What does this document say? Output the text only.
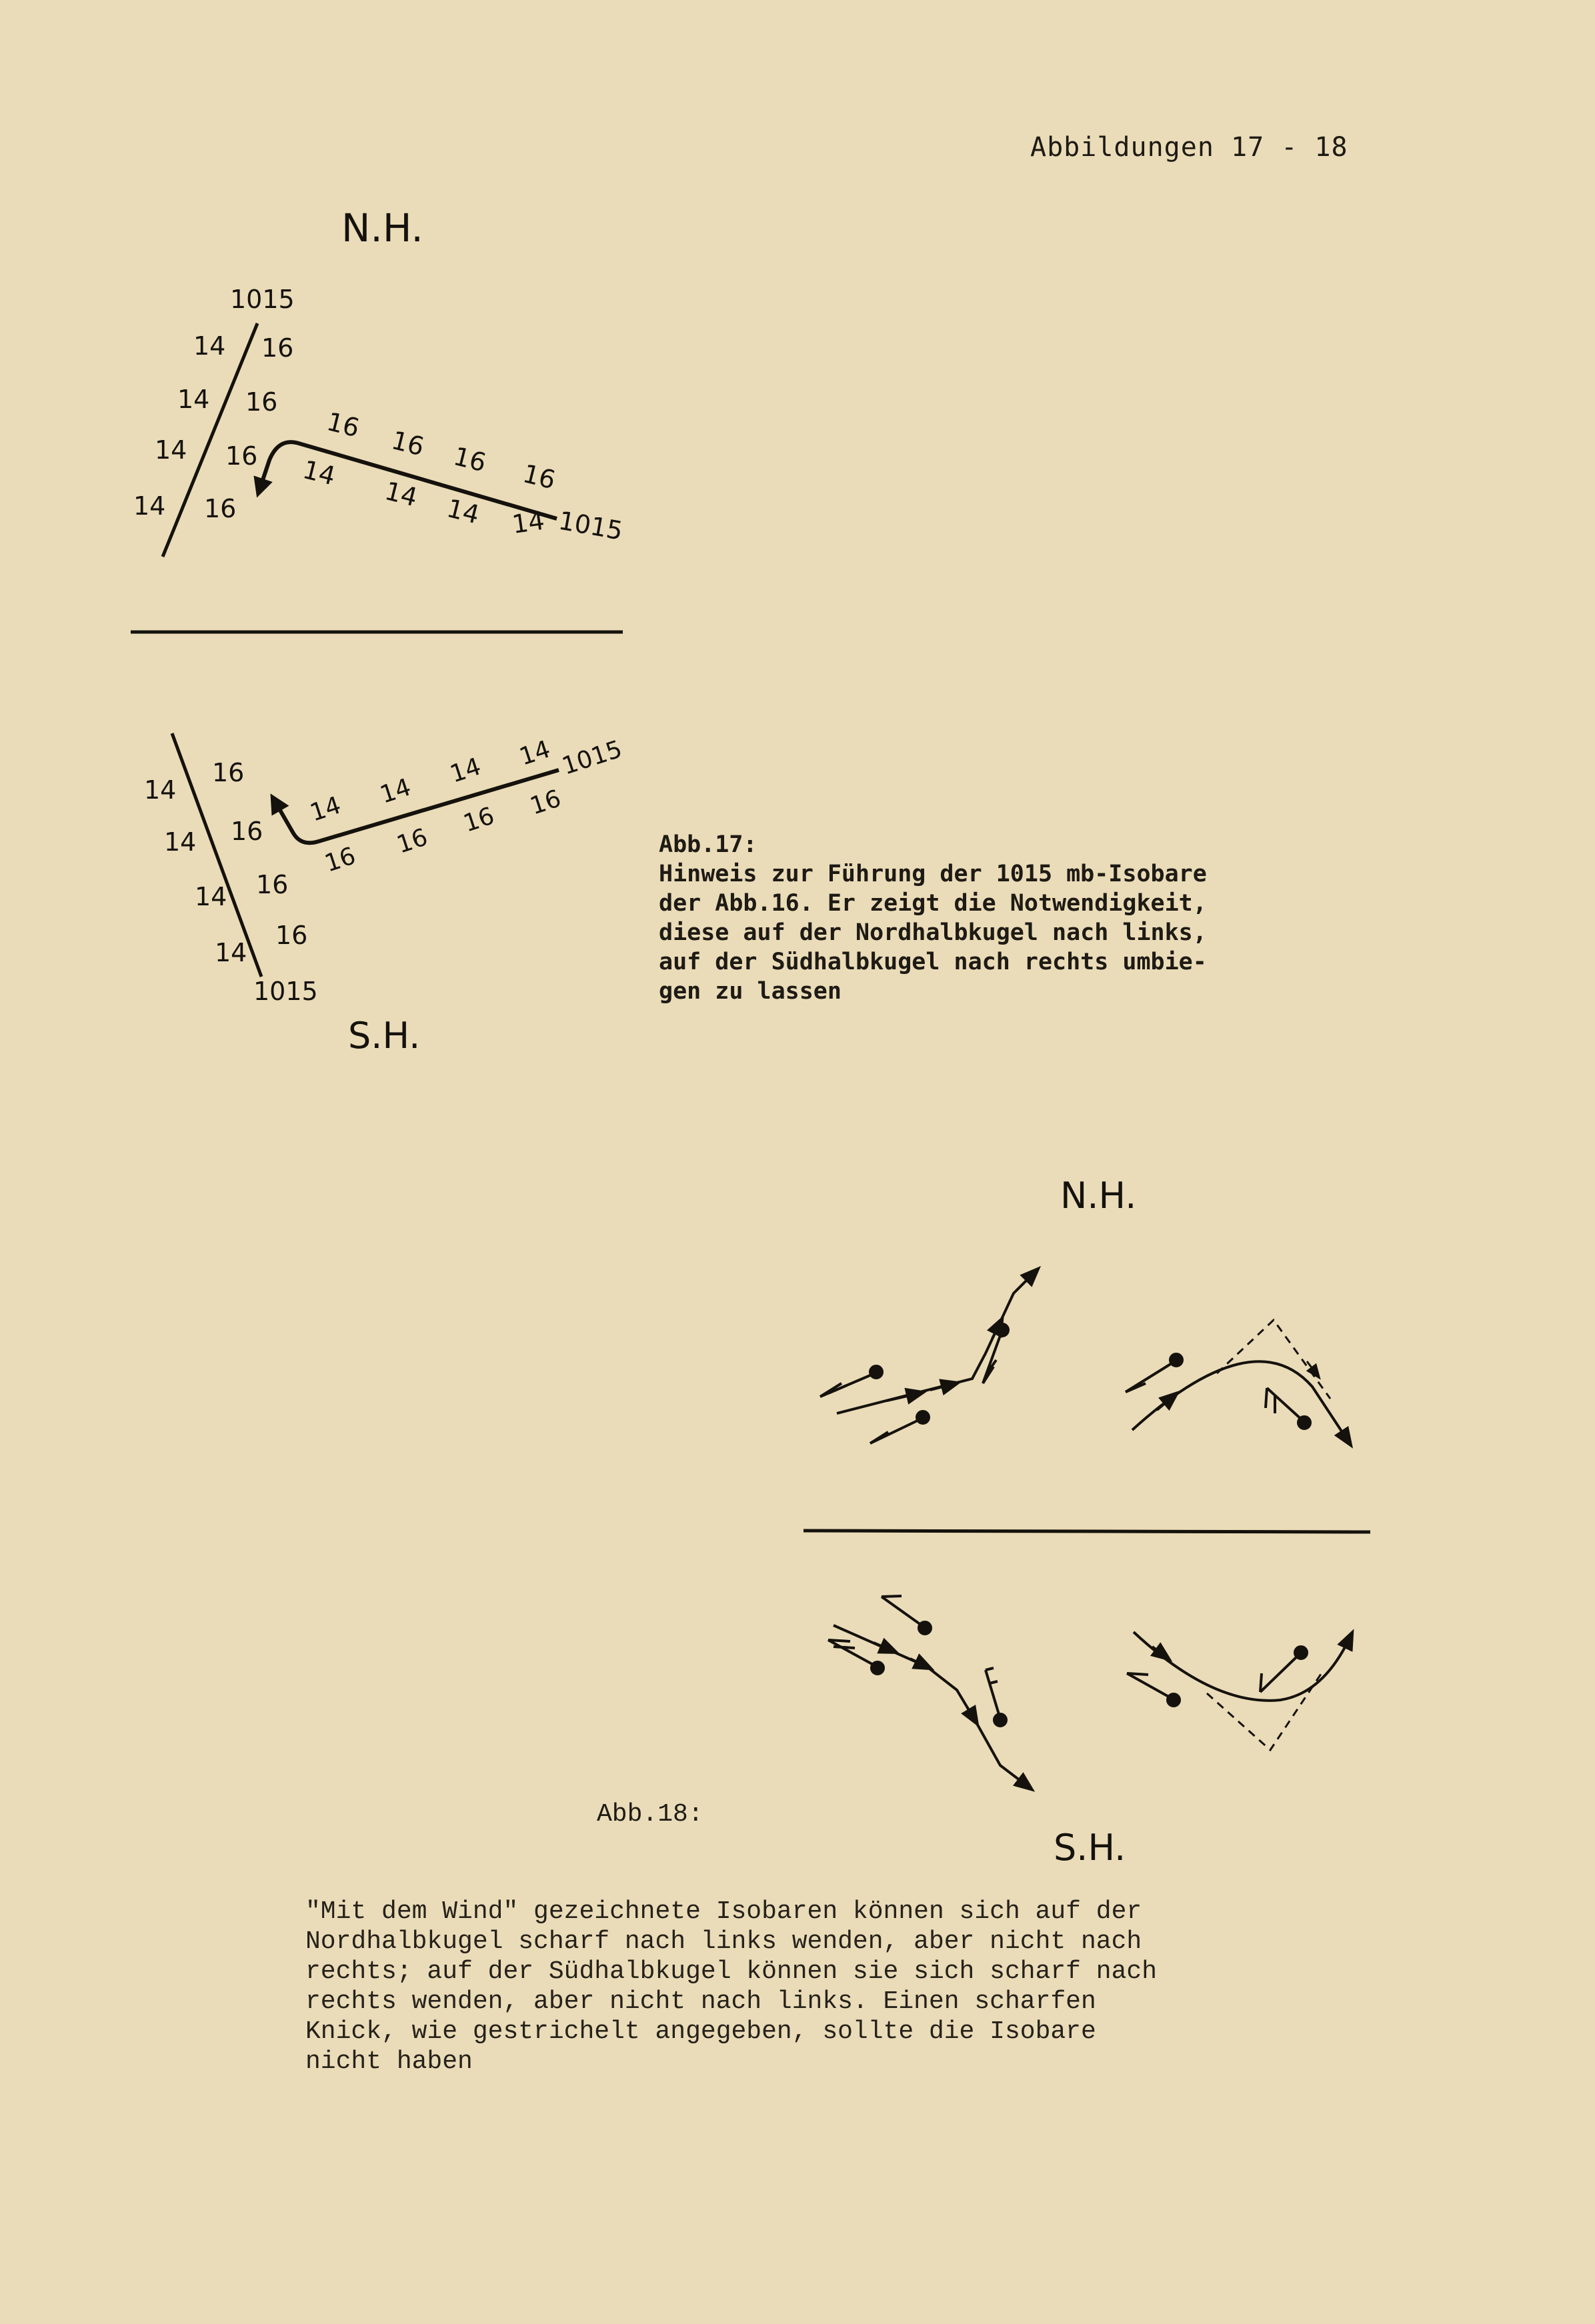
Abbildungen 17 - 18
N.H.
1015
1015
14
14
14
14
14
14 14 14
16
16
16
16
16
16 16 16
1015
1015
14
14
14
14
14
14
14 14
16
16
16
16
16
16
16 16
S.H.
N.H.
S.H.
Abb.17:
Hinweis zur Führung der 1015 mb-Isobare
der Abb.16. Er zeigt die Notwendigkeit,
diese auf der Nordhalbkugel nach links,
auf der Südhalbkugel nach rechts umbie-
gen zu lassen
Abb.18:
"Mit dem Wind" gezeichnete Isobaren können sich auf der
Nordhalbkugel scharf nach links wenden, aber nicht nach
rechts; auf der Südhalbkugel können sie sich scharf nach
rechts wenden, aber nicht nach links. Einen scharfen
Knick, wie gestrichelt angegeben, sollte die Isobare
nicht haben
